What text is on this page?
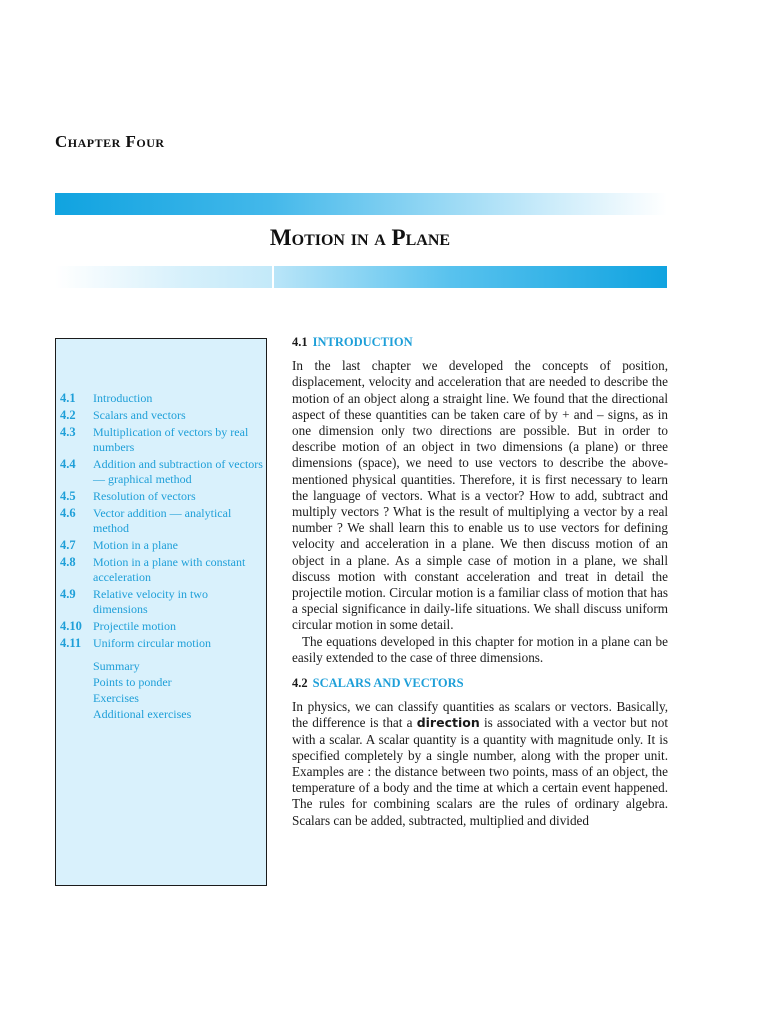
Chapter Four
Motion in a Plane
4.1	Introduction
4.2	Scalars and vectors
4.3	Multiplication of vectors by real numbers
4.4	Addition and subtraction of vectors — graphical method
4.5	Resolution of vectors
4.6	Vector addition — analytical method
4.7	Motion in a plane
4.8	Motion in a plane with constant acceleration
4.9	Relative velocity in two dimensions
4.10 Projectile motion
4.11 Uniform circular motion
Summary
Points to ponder
Exercises
Additional exercises
4.1 INTRODUCTION

In the last chapter we developed the concepts of position, displacement, velocity and acceleration that are needed to describe the motion of an object along a straight line. We found that the directional aspect of these quantities can be taken care of by + and – signs, as in one dimension only two directions are possible. But in order to describe motion of an object in two dimensions (a plane) or three dimensions (space), we need to use vectors to describe the above-mentioned physical quantities. Therefore, it is first necessary to learn the language of vectors. What is a vector? How to add, subtract and multiply vectors ? What is the result of multiplying a vector by a real number ? We shall learn this to enable us to use vectors for defining velocity and acceleration in a plane. We then discuss motion of an object in a plane. As a simple case of motion in a plane, we shall discuss motion with constant acceleration and treat in detail the projectile motion. Circular motion is a familiar class of motion that has a special significance in daily-life situations. We shall discuss uniform circular motion in some detail.

The equations developed in this chapter for motion in a plane can be easily extended to the case of three dimensions.

4.2 SCALARS AND VECTORS

In physics, we can classify quantities as scalars or vectors. Basically, the difference is that a direction is associated with a vector but not with a scalar. A scalar quantity is a quantity with magnitude only. It is specified completely by a single number, along with the proper unit. Examples are : the distance between two points, mass of an object, the temperature of a body and the time at which a certain event happened. The rules for combining scalars are the rules of ordinary algebra. Scalars can be added, subtracted, multiplied and divided
